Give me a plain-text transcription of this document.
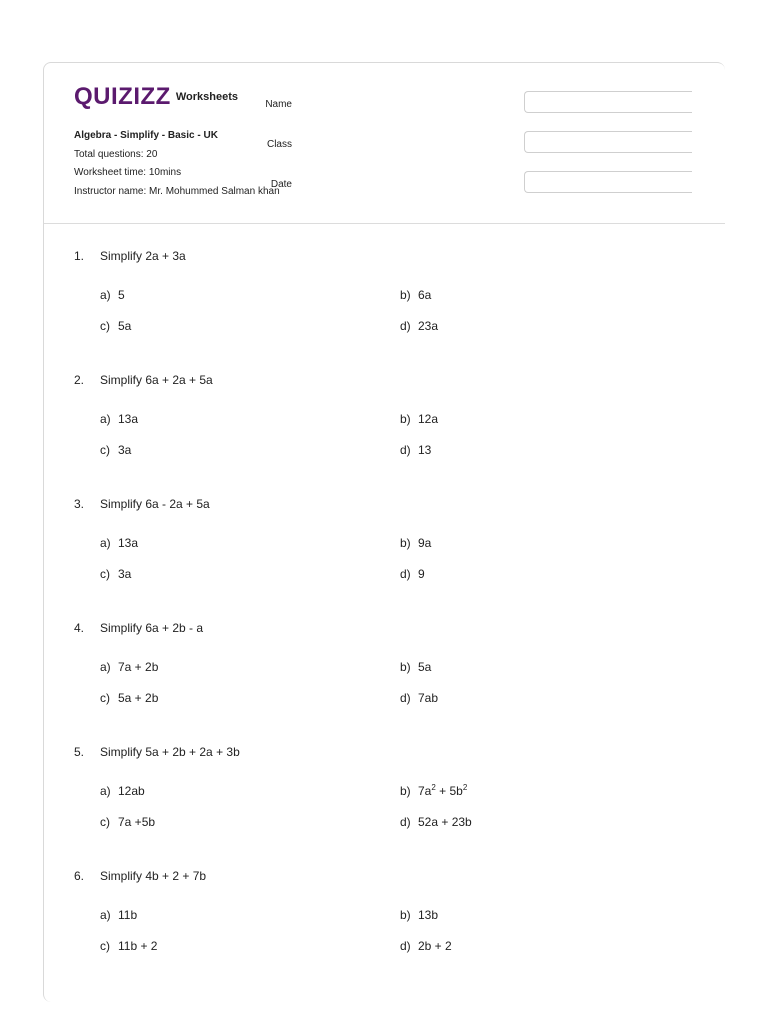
QUIZIZZ Worksheets
Algebra - Simplify - Basic - UK
Total questions: 20
Worksheet time: 10mins
Instructor name: Mr. Mohummed Salman khan
Name
Class
Date
1.	Simplify 2a + 3a
a) 5	b) 6a
c) 5a	d) 23a
2.	Simplify 6a + 2a + 5a
a) 13a	b) 12a
c) 3a	d) 13
3.	Simplify 6a - 2a + 5a
a) 13a	b) 9a
c) 3a	d) 9
4.	Simplify 6a + 2b - a
a) 7a + 2b	b) 5a
c) 5a + 2b	d) 7ab
5.	Simplify 5a + 2b + 2a + 3b
a) 12ab	b) $7a^2 + 5b^2$
c) 7a +5b	d) 52a + 23b
6.	Simplify 4b + 2 + 7b
a) 11b	b) 13b
c) 11b + 2	d) 2b + 2
